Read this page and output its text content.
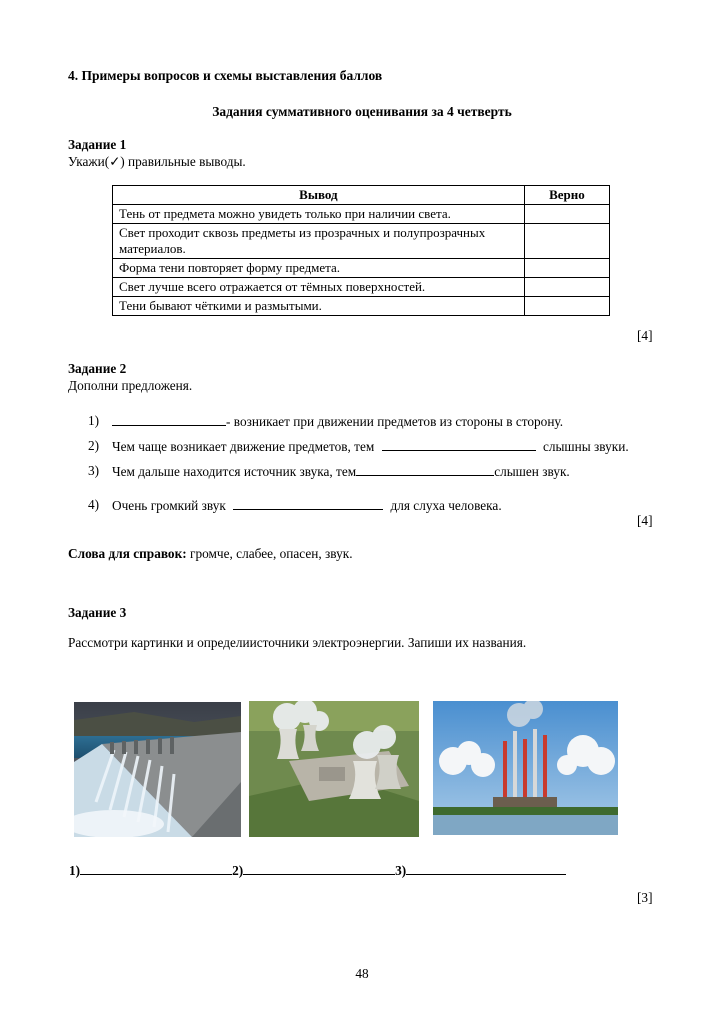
4. Примеры вопросов и схемы выставления баллов
Задания суммативного оценивания за 4 четверть
Задание 1
Укажи(✓) правильные выводы.
Вывод	Верно
Тень от предмета можно увидеть только при наличии света.	
Свет проходит сквозь предметы из прозрачных и полупрозрачных материалов.	
Форма тени повторяет форму предмета.	
Свет лучше всего отражается от тёмных поверхностей.	
Тени бывают чёткими и размытыми.	
[4]
Задание 2
Дополни предложеня.
1)	- возникает при движении предметов из стороны в сторону.
2) Чем чаще возникает движение предметов, тем	слышны звуки.
3) Чем дальше находится источник звука, тем	слышен звук.
4) Очень громкий звук	для слуха человека.
[4]
Слова для справок: громче, слабее, опасен, звук.
Задание 3
Рассмотри картинки и определиисточники электроэнергии. Запиши их названия.
1)	2)	3)
[3]
48
